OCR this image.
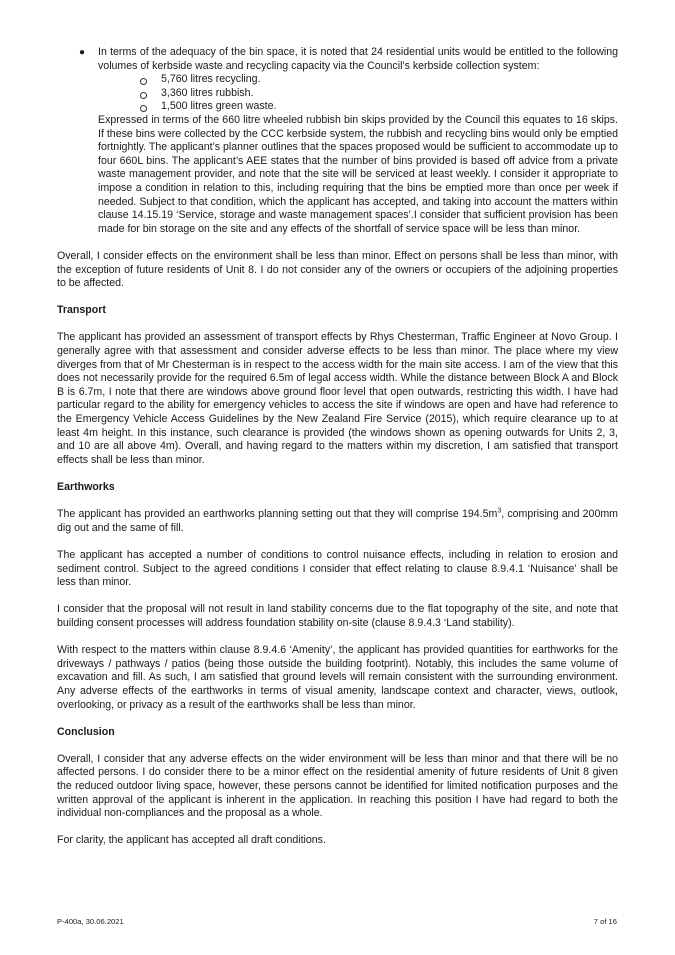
● In terms of the adequacy of the bin space, it is noted that 24 residential units would be entitled to the following volumes of kerbside waste and recycling capacity via the Council’s kerbside collection system:

5,760 litres recycling.
3,360 litres rubbish.
1,500 litres green waste.

Expressed in terms of the 660 litre wheeled rubbish bin skips provided by the Council this equates to 16 skips. If these bins were collected by the CCC kerbside system, the rubbish and recycling bins would only be emptied fortnightly. The applicant’s planner outlines that the spaces proposed would be sufficient to accommodate up to four 660L bins. The applicant’s AEE states that the number of bins provided is based off advice from a private waste management provider, and note that the site will be serviced at least weekly. I consider it appropriate to impose a condition in relation to this, including requiring that the bins be emptied more than once per week if needed. Subject to that condition, which the applicant has accepted, and taking into account the matters within clause 14.15.19 ‘Service, storage and waste management spaces’.I consider that sufficient provision has been made for bin storage on the site and any effects of the shortfall of service space will be less than minor.

Overall, I consider effects on the environment shall be less than minor. Effect on persons shall be less than minor, with the exception of future residents of Unit 8. I do not consider any of the owners or occupiers of the adjoining properties to be affected.

Transport

The applicant has provided an assessment of transport effects by Rhys Chesterman, Traffic Engineer at Novo Group. I generally agree with that assessment and consider adverse effects to be less than minor. The place where my view diverges from that of Mr Chesterman is in respect to the access width for the main site access. I am of the view that this does not necessarily provide for the required 6.5m of legal access width. While the distance between Block A and Block B is 6.7m, I note that there are windows above ground floor level that open outwards, restricting this width. I have had particular regard to the ability for emergency vehicles to access the site if windows are open and have had reference to the Emergency Vehicle Access Guidelines by the New Zealand Fire Service (2015), which require clearance up to at least 4m height. In this instance, such clearance is provided (the windows shown as opening outwards for Units 2, 3, and 10 are all above 4m). Overall, and having regard to the matters within my discretion, I am satisfied that transport effects shall be less than minor.

Earthworks

The applicant has provided an earthworks planning setting out that they will comprise $194.5m^3$, comprising and 200mm dig out and the same of fill.

The applicant has accepted a number of conditions to control nuisance effects, including in relation to erosion and sediment control. Subject to the agreed conditions I consider that effect relating to clause 8.9.4.1 ‘Nuisance’ shall be less than minor.

I consider that the proposal will not result in land stability concerns due to the flat topography of the site, and note that building consent processes will address foundation stability on-site (clause 8.9.4.3 ‘Land stability).

With respect to the matters within clause 8.9.4.6 ‘Amenity’, the applicant has provided quantities for earthworks for the driveways / pathways / patios (being those outside the building footprint). Notably, this includes the same volume of excavation and fill. As such, I am satisfied that ground levels will remain consistent with the surrounding environment. Any adverse effects of the earthworks in terms of visual amenity, landscape context and character, views, outlook, overlooking, or privacy as a result of the earthworks shall be less than minor.

Conclusion

Overall, I consider that any adverse effects on the wider environment will be less than minor and that there will be no affected persons. I do consider there to be a minor effect on the residential amenity of future residents of Unit 8 given the reduced outdoor living space, however, these persons cannot be identified for limited notification purposes and the written approval of the applicant is inherent in the application. In reaching this position I have had regard to both the individual non-compliances and the proposal as a whole.

For clarity, the applicant has accepted all draft conditions.

P-400a, 30.06.2021	7 of 16
